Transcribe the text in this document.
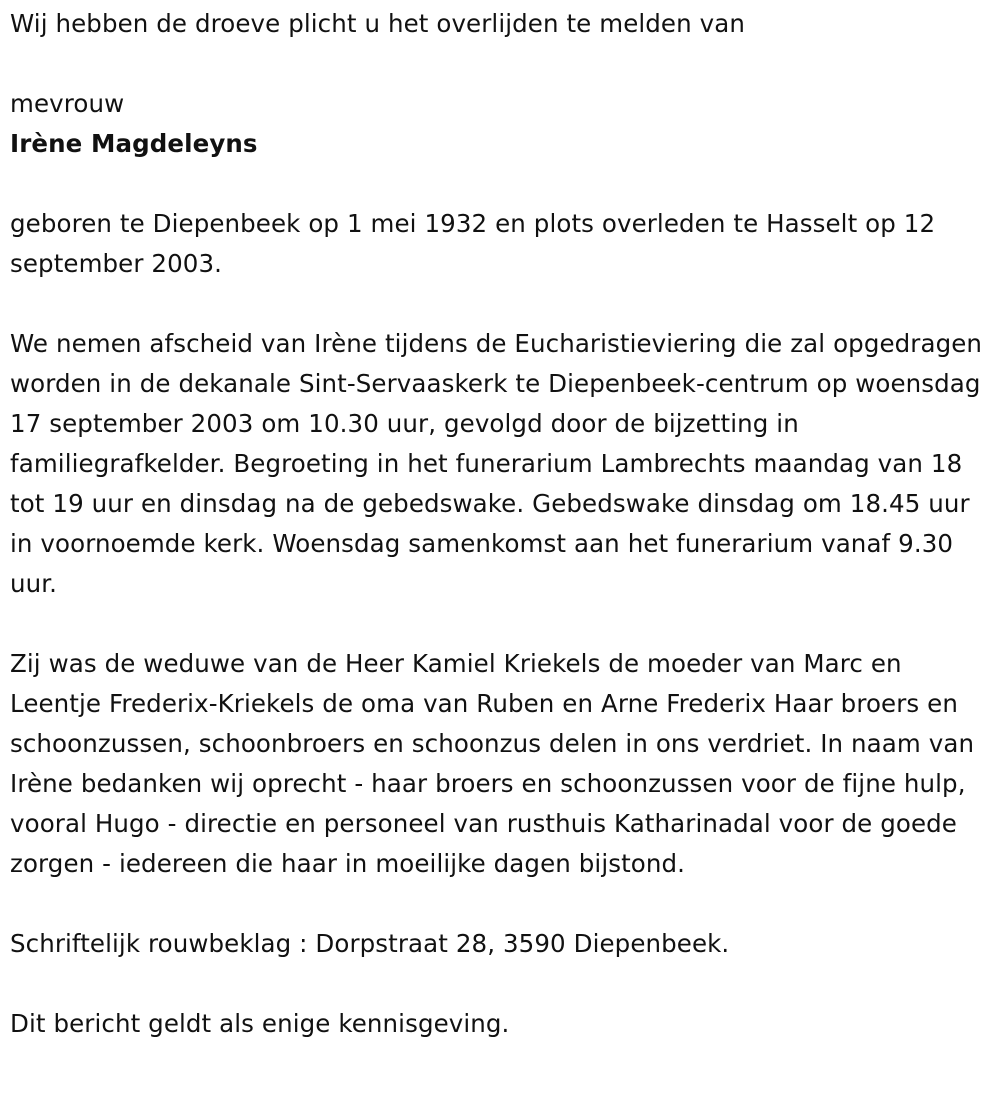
Wij hebben de droeve plicht u het overlijden te melden van

mevrouw

Irène Magdeleyns

geboren te Diepenbeek op 1 mei 1932 en plots overleden te Hasselt op 12 september 2003.

We nemen afscheid van Irène tijdens de Eucharistieviering die zal opgedragen worden in de dekanale Sint-Servaaskerk te Diepenbeek-centrum op woensdag 17 september 2003 om 10.30 uur, gevolgd door de bijzetting in familiegrafkelder. Begroeting in het funerarium Lambrechts maandag van 18 tot 19 uur en dinsdag na de gebedswake. Gebedswake dinsdag om 18.45 uur in voornoemde kerk. Woensdag samenkomst aan het funerarium vanaf 9.30 uur.

Zij was de weduwe van de Heer Kamiel Kriekels de moeder van Marc en Leentje Frederix-Kriekels de oma van Ruben en Arne Frederix Haar broers en schoonzussen, schoonbroers en schoonzus delen in ons verdriet. In naam van Irène bedanken wij oprecht - haar broers en schoonzussen voor de fijne hulp, vooral Hugo - directie en personeel van rusthuis Katharinadal voor de goede zorgen - iedereen die haar in moeilijke dagen bijstond.

Schriftelijk rouwbeklag : Dorpstraat 28, 3590 Diepenbeek.

Dit bericht geldt als enige kennisgeving.
